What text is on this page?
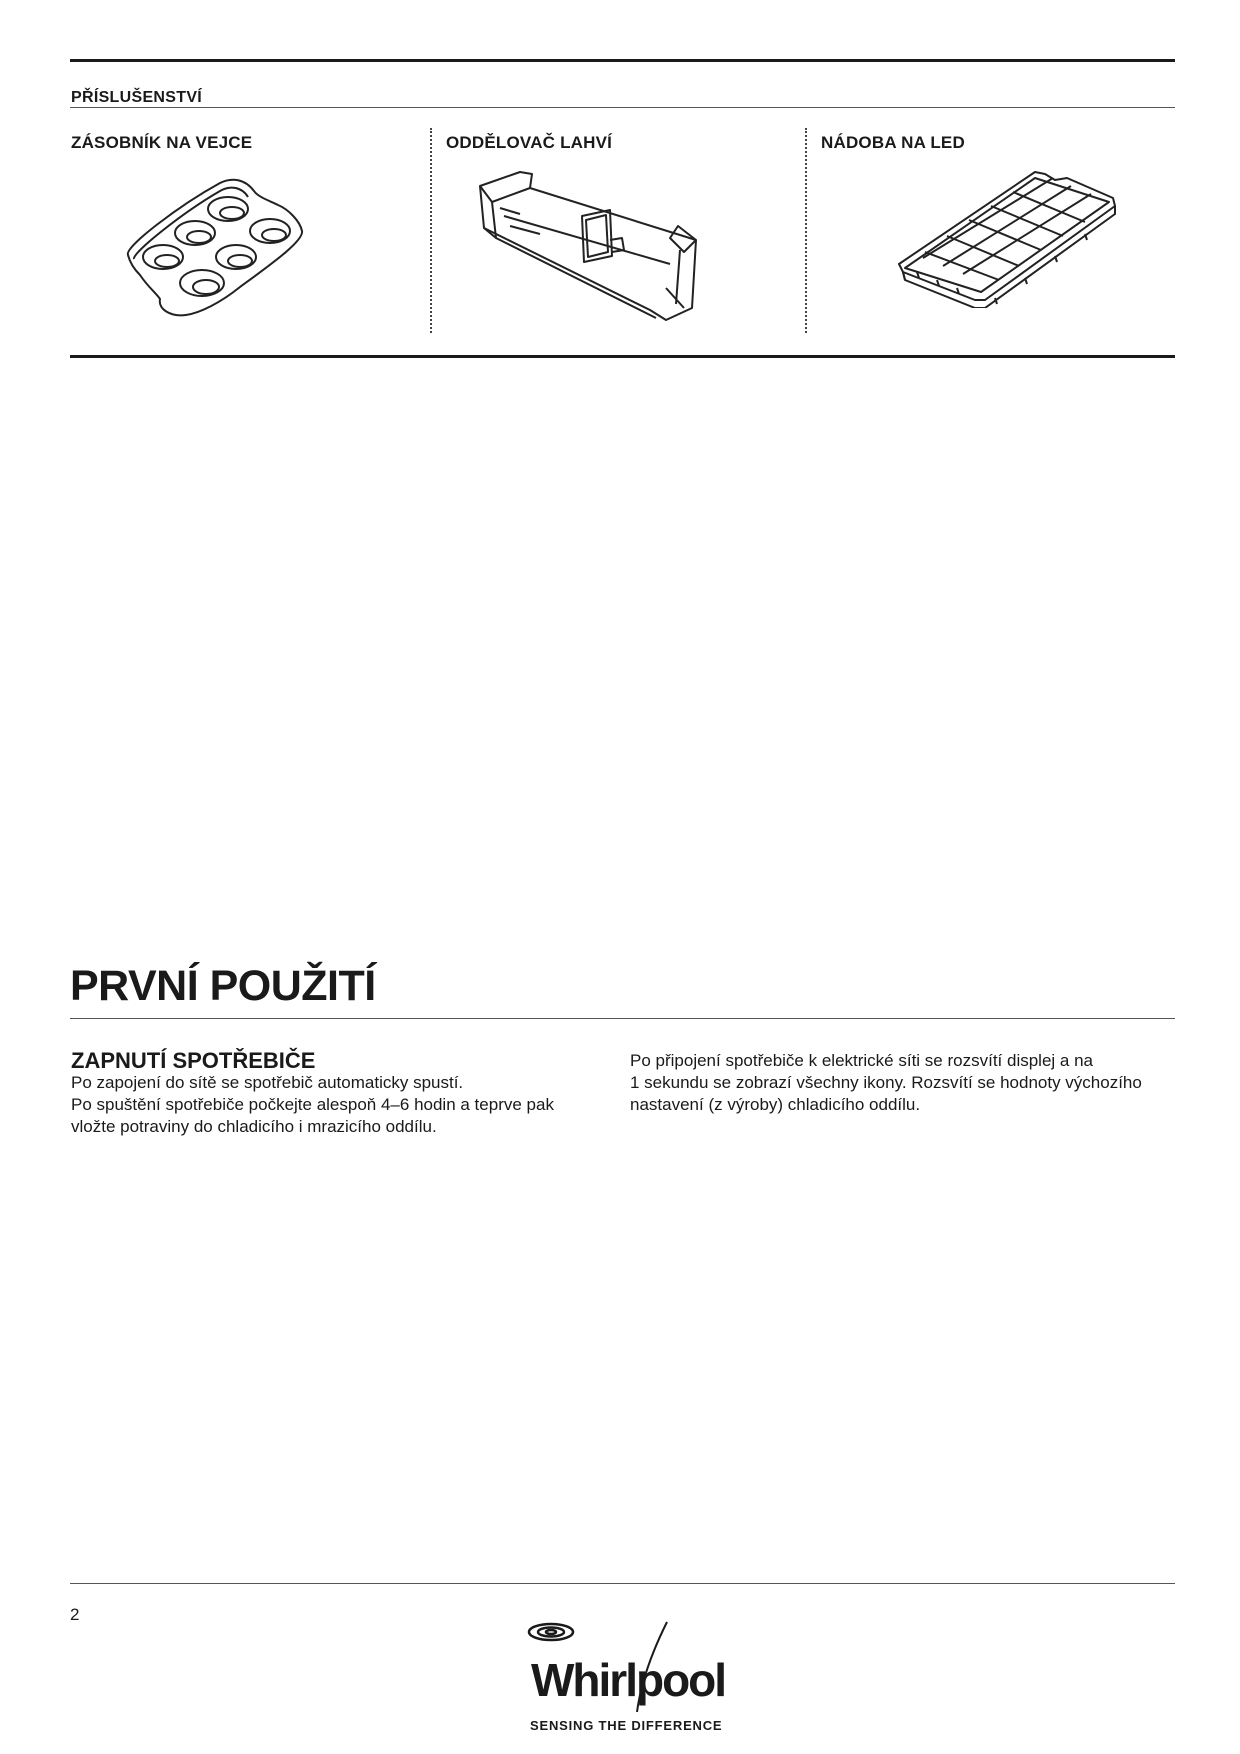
PŘÍSLUŠENSTVÍ
ZÁSOBNÍK NA VEJCE	ODDĚLOVAČ LAHVÍ	NÁDOBA NA LED
PRVNÍ POUŽITÍ
ZAPNUTÍ SPOTŘEBIČE
Po zapojení do sítě se spotřebič automaticky spustí.
Po spuštění spotřebiče počkejte alespoň 4–6 hodin a teprve pak
vložte potraviny do chladicího i mrazicího oddílu.
Po připojení spotřebiče k elektrické síti se rozsvítí displej a na
1 sekundu se zobrazí všechny ikony. Rozsvítí se hodnoty výchozího
nastavení (z výroby) chladicího oddílu.
2
Whirlpool
SENSING THE DIFFERENCE
